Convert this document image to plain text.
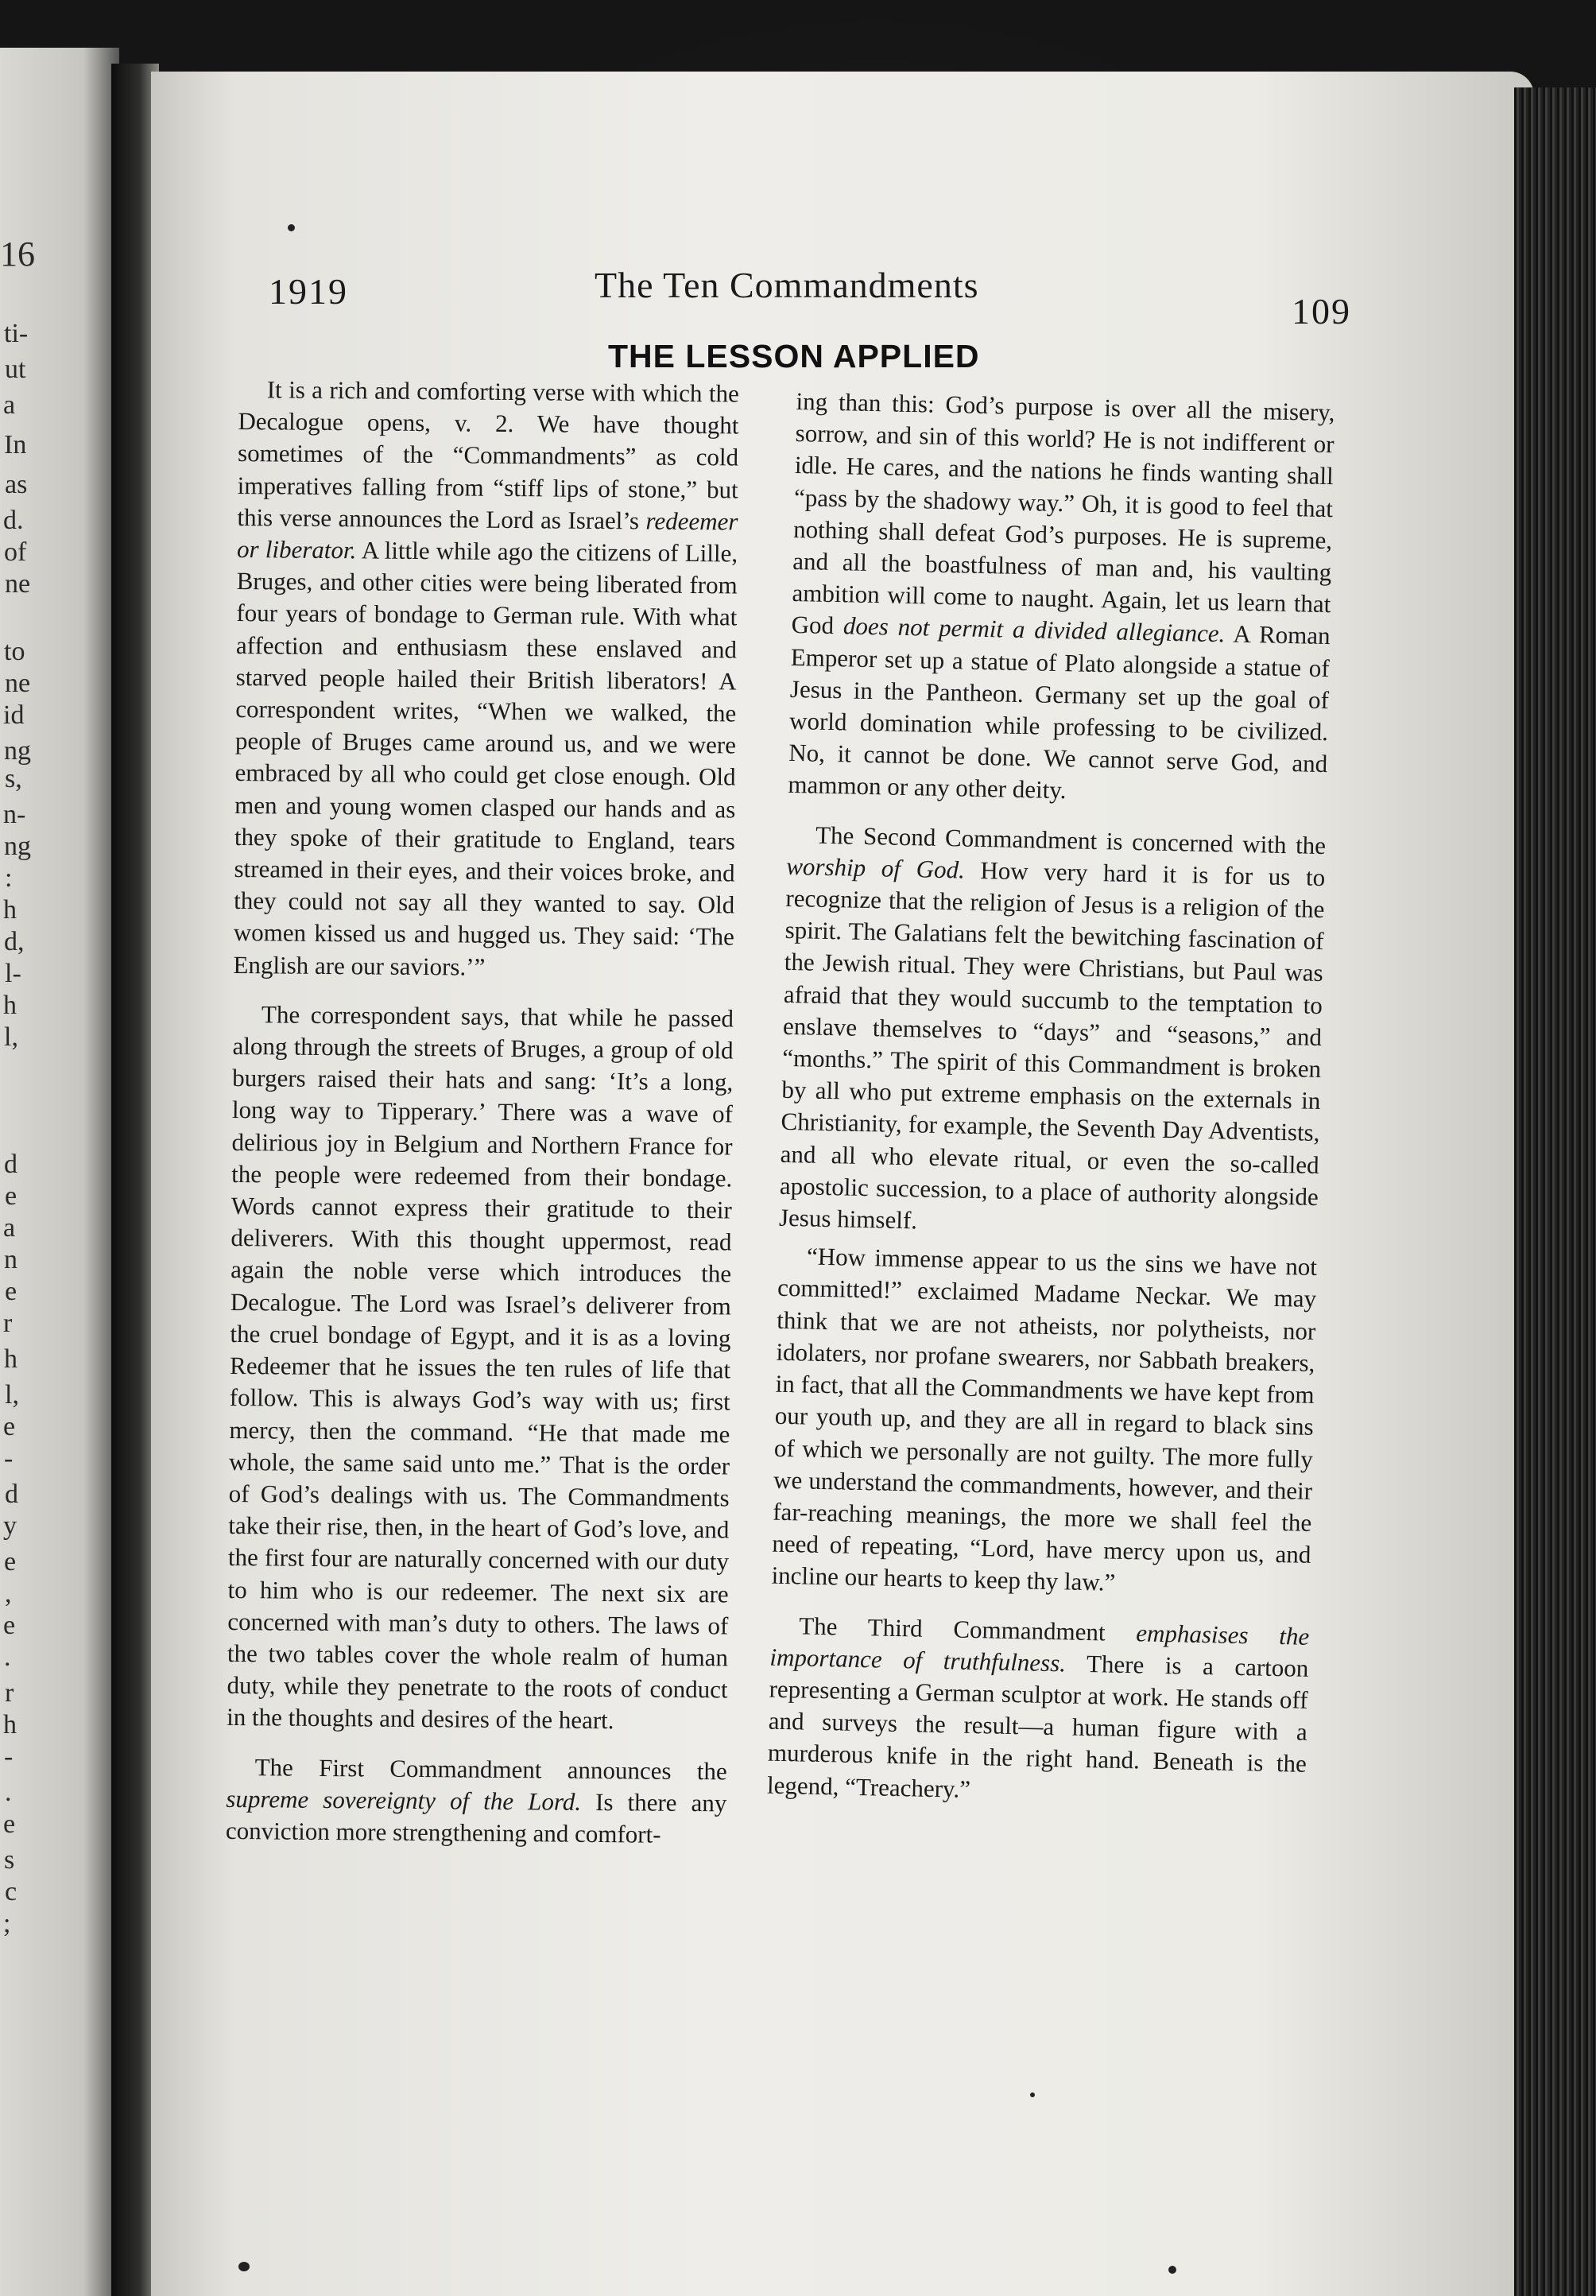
16
ti-
ut
a
In
as
d.
of
ne
to
ne
id
ng
s,
n-
ng
:
h
d,
l-
h
l,
d
e
a
n
e
r
h
l,
e
-
d
y
e
,
e
.
r
h
-
.
e
s
c
;
1919	The Ten Commandments
109
THE LESSON APPLIED

It is a rich and comforting verse with which the Decalogue opens, v. 2. We have thought sometimes of the “Commandments” as cold imperatives falling from “stiff lips of stone,” but this verse announces the Lord as Israel’s redeemer or liberator. A little while ago the citizens of Lille, Bruges, and other cities were being liberated from four years of bondage to German rule. With what affection and enthusiasm these enslaved and starved people hailed their British liberators! A correspondent writes, “When we walked, the people of Bruges came around us, and we were embraced by all who could get close enough. Old men and young women clasped our hands and as they spoke of their gratitude to England, tears streamed in their eyes, and their voices broke, and they could not say all they wanted to say. Old women kissed us and hugged us. They said: ‘The English are our saviors.’”

The correspondent says, that while he passed along through the streets of Bruges, a group of old burgers raised their hats and sang: ‘It’s a long, long way to Tipperary.’ There was a wave of delirious joy in Belgium and Northern France for the people were redeemed from their bondage. Words cannot express their gratitude to their deliverers. With this thought uppermost, read again the noble verse which introduces the Decalogue. The Lord was Israel’s deliverer from the cruel bondage of Egypt, and it is as a loving Redeemer that he issues the ten rules of life that follow. This is always God’s way with us; first mercy, then the command. “He that made me whole, the same said unto me.” That is the order of God’s dealings with us. The Commandments take their rise, then, in the heart of God’s love, and the first four are naturally concerned with our duty to him who is our redeemer. The next six are concerned with man’s duty to others. The laws of the two tables cover the whole realm of human duty, while they penetrate to the roots of conduct in the thoughts and desires of the heart.

The First Commandment announces the supreme sovereignty of the Lord. Is there any conviction more strengthening and comfort-

ing than this: God’s purpose is over all the misery, sorrow, and sin of this world? He is not indifferent or idle. He cares, and the nations he finds wanting shall “pass by the shadowy way.” Oh, it is good to feel that nothing shall defeat God’s purposes. He is supreme, and all the boastfulness of man and, his vaulting ambition will come to naught. Again, let us learn that God does not permit a divided allegiance. A Roman Emperor set up a statue of Plato alongside a statue of Jesus in the Pantheon. Germany set up the goal of world domination while professing to be civilized. No, it cannot be done. We cannot serve God, and mammon or any other deity.

The Second Commandment is concerned with the worship of God. How very hard it is for us to recognize that the religion of Jesus is a religion of the spirit. The Galatians felt the bewitching fascination of the Jewish ritual. They were Christians, but Paul was afraid that they would succumb to the temptation to enslave themselves to “days” and “seasons,” and “months.” The spirit of this Commandment is broken by all who put extreme emphasis on the externals in Christianity, for example, the Seventh Day Adventists, and all who elevate ritual, or even the so-called apostolic succession, to a place of authority alongside Jesus himself.

“How immense appear to us the sins we have not committed!” exclaimed Madame Neckar. We may think that we are not atheists, nor polytheists, nor idolaters, nor profane swearers, nor Sabbath breakers, in fact, that all the Commandments we have kept from our youth up, and they are all in regard to black sins of which we personally are not guilty. The more fully we understand the commandments, however, and their far-reaching meanings, the more we shall feel the need of repeating, “Lord, have mercy upon us, and incline our hearts to keep thy law.”

The Third Commandment emphasises the importance of truthfulness. There is a cartoon representing a German sculptor at work. He stands off and surveys the result—a human figure with a murderous knife in the right hand. Beneath is the legend, “Treachery.”
